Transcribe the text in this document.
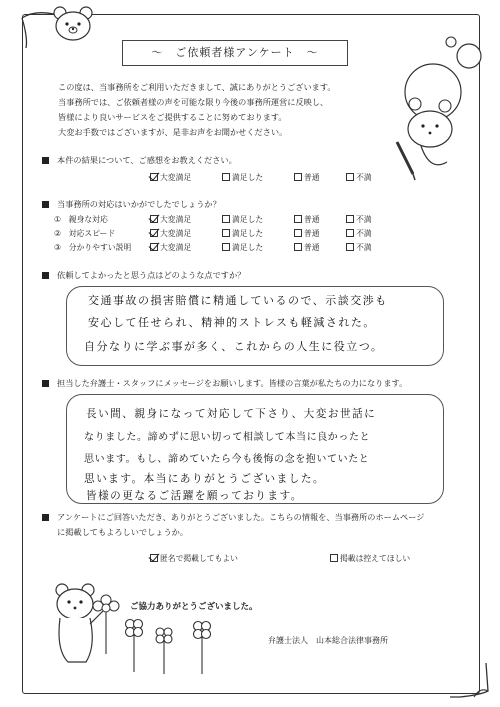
～　ご依頼者様アンケート　～
この度は、当事務所をご利用いただきまして、誠にありがとうございます。
当事務所では、ご依頼者様の声を可能な限り今後の事務所運営に反映し、
皆様により良いサービスをご提供することに努めております。
大変お手数ではございますが、是非お声をお聞かせください。
本件の結果について、ご感想をお教えください。
大変満足	満足した	普通	不満
当事務所の対応はいかがでしたでしょうか？
①　 親身な対応	大変満足	満足した	普通	不満
②　 対応スピード	大変満足	満足した	普通	不満
③　 分かりやすい説明	大変満足	満足した	普通	不満
依頼してよかったと思う点はどのような点ですか？
交通事故の損害賠償に精通しているので、示談交渉も
安心して任せられ、精神的ストレスも軽減された。
自分なりに学ぶ事が多く、これからの人生に役立つ。
担当した弁護士・スタッフにメッセージをお願いします。皆様の言葉が私たちの力になります。
長い間、親身になって対応して下さり、大変お世話に
なりました。諦めずに思い切って相談して本当に良かったと
思います。もし、諦めていたら今も後悔の念を抱いていたと
思います。本当にありがとうございました。
皆様の更なるご活躍を願っております。
アンケートにご回答いただき、ありがとうございました。こちらの情報を、当事務所のホームページ
に掲載してもよろしいでしょうか。
匿名で掲載してもよい	掲載は控えてほしい
ご協力ありがとうございました。
弁護士法人　山本総合法律事務所
